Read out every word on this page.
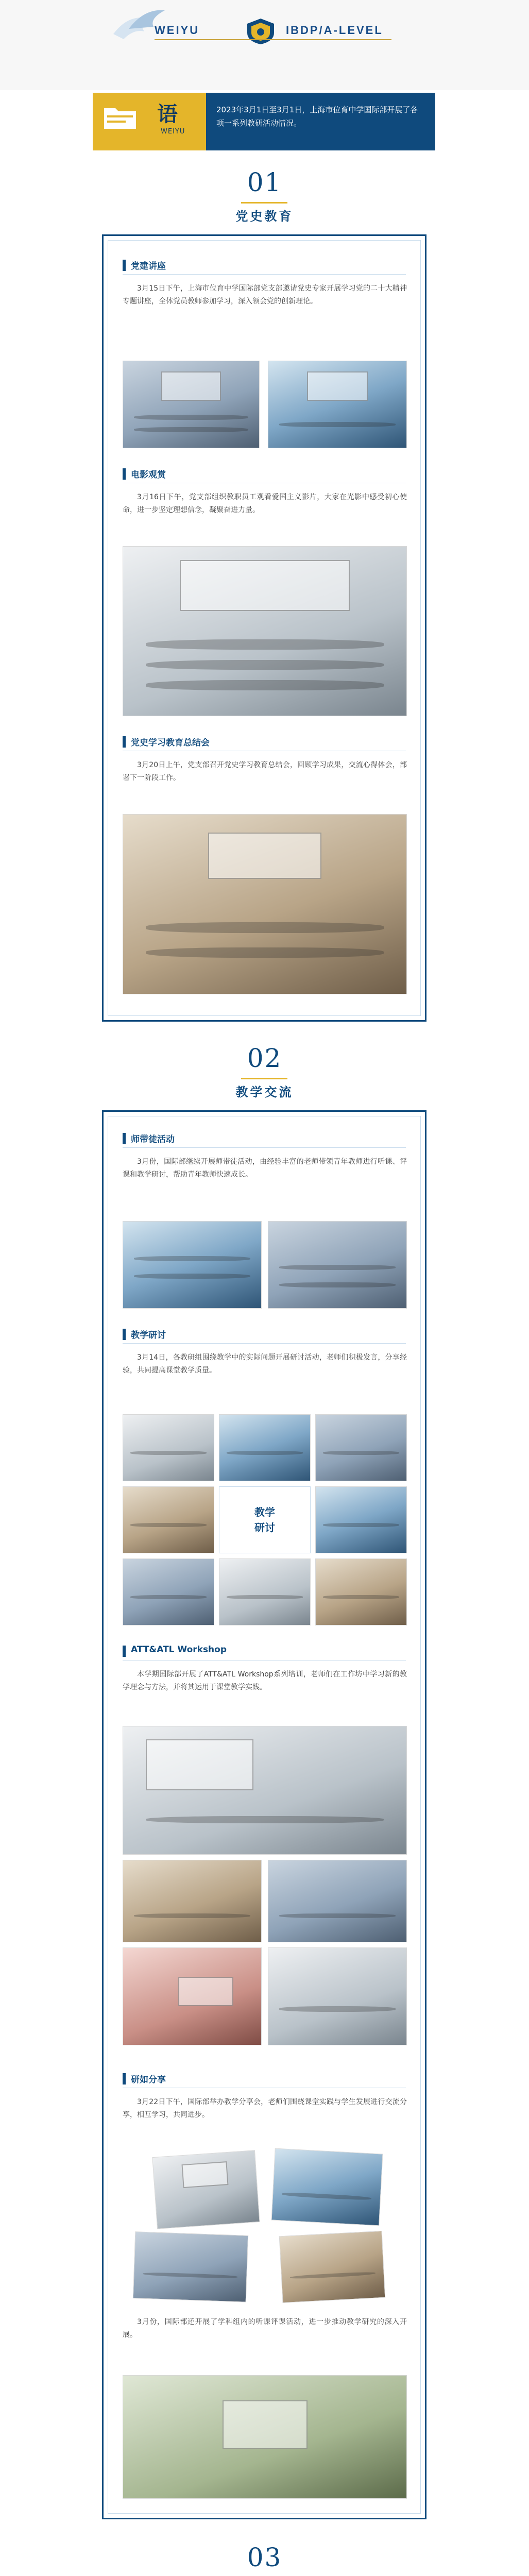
WEIYU	IBDP/A-LEVEL
语
WEIYU
2023年3月1日至3月1日，上海市位育中学国际部开展了各项一系列教研活动情况。
01
党史教育
党建讲座
3月15日下午，上海市位育中学国际部党支部邀请党史专家开展学习党的二十大精神专题讲座，全体党员教师参加学习，深入领会党的创新理论。
电影观赏
3月16日下午，党支部组织教职员工观看爱国主义影片，大家在光影中感受初心使命，进一步坚定理想信念，凝聚奋进力量。
党史学习教育总结会
3月20日上午，党支部召开党史学习教育总结会，回顾学习成果，交流心得体会，部署下一阶段工作。
02
教学交流
师带徒活动
3月份，国际部继续开展师带徒活动，由经验丰富的老师带领青年教师进行听课、评课和教学研讨，帮助青年教师快速成长。
教学研讨
3月14日，各教研组围绕教学中的实际问题开展研讨活动，老师们积极发言，分享经验，共同提高课堂教学质量。
教学
研讨
ATT&ATL Workshop
本学期国际部开展了ATT&ATL Workshop系列培训，老师们在工作坊中学习新的教学理念与方法，并将其运用于课堂教学实践。
研如分享
3月22日下午，国际部举办教学分享会，老师们围绕课堂实践与学生发展进行交流分享，相互学习，共同进步。
3月份，国际部还开展了学科组内的听课评课活动，进一步推动教学研究的深入开展。
03
